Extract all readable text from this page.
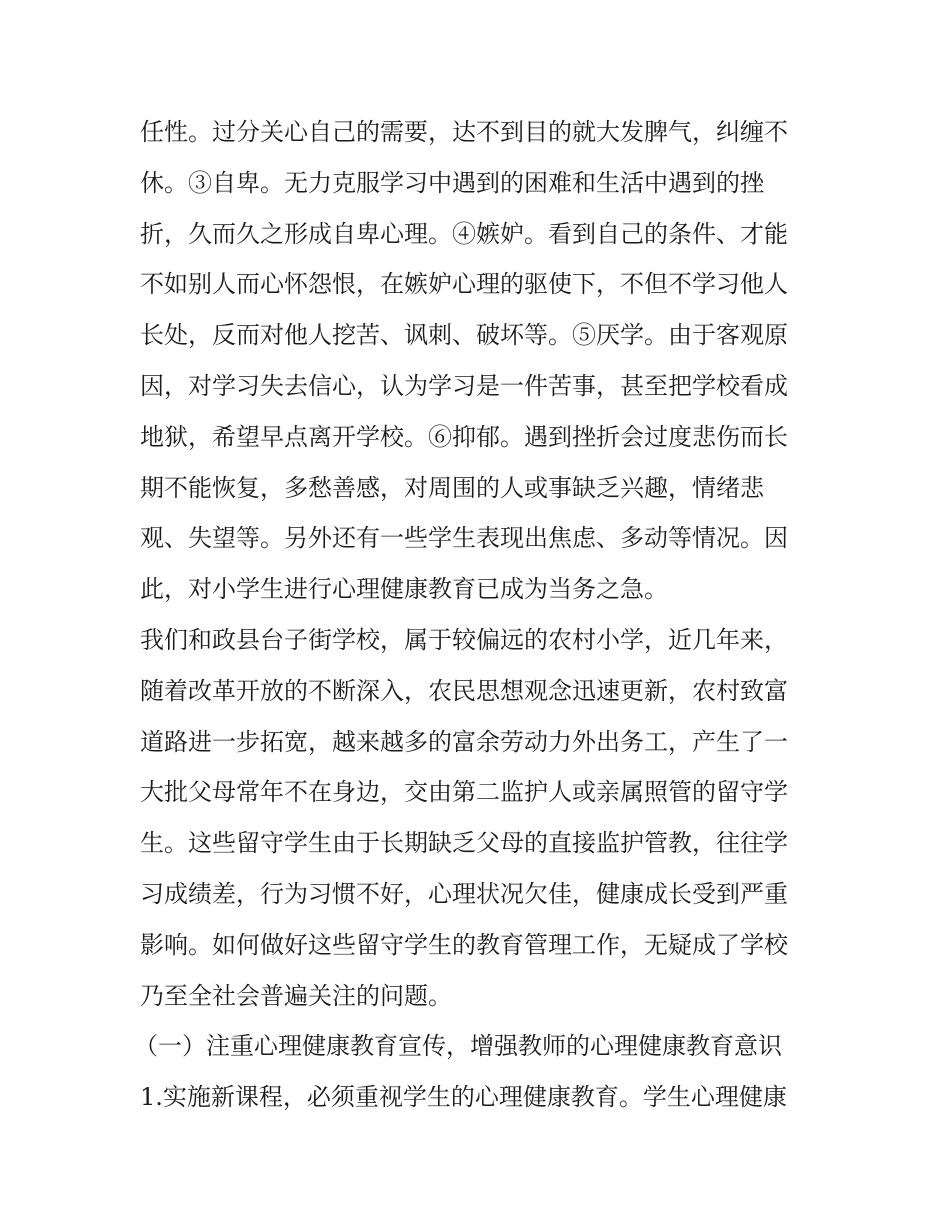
任性。过分关心自己的需要，达不到目的就大发脾气，纠缠不
休。③自卑。无力克服学习中遇到的困难和生活中遇到的挫
折，久而久之形成自卑心理。④嫉妒。看到自己的条件、才能
不如别人而心怀怨恨，在嫉妒心理的驱使下，不但不学习他人
长处，反而对他人挖苦、讽刺、破坏等。⑤厌学。由于客观原
因，对学习失去信心，认为学习是一件苦事，甚至把学校看成
地狱，希望早点离开学校。⑥抑郁。遇到挫折会过度悲伤而长
期不能恢复，多愁善感，对周围的人或事缺乏兴趣，情绪悲
观、失望等。另外还有一些学生表现出焦虑、多动等情况。因
此，对小学生进行心理健康教育已成为当务之急。
我们和政县台子街学校，属于较偏远的农村小学，近几年来，
随着改革开放的不断深入，农民思想观念迅速更新，农村致富
道路进一步拓宽，越来越多的富余劳动力外出务工，产生了一
大批父母常年不在身边，交由第二监护人或亲属照管的留守学
生。这些留守学生由于长期缺乏父母的直接监护管教，往往学
习成绩差，行为习惯不好，心理状况欠佳，健康成长受到严重
影响。如何做好这些留守学生的教育管理工作，无疑成了学校
乃至全社会普遍关注的问题。
（一）注重心理健康教育宣传，增强教师的心理健康教育意识
1.实施新课程，必须重视学生的心理健康教育。学生心理健康
